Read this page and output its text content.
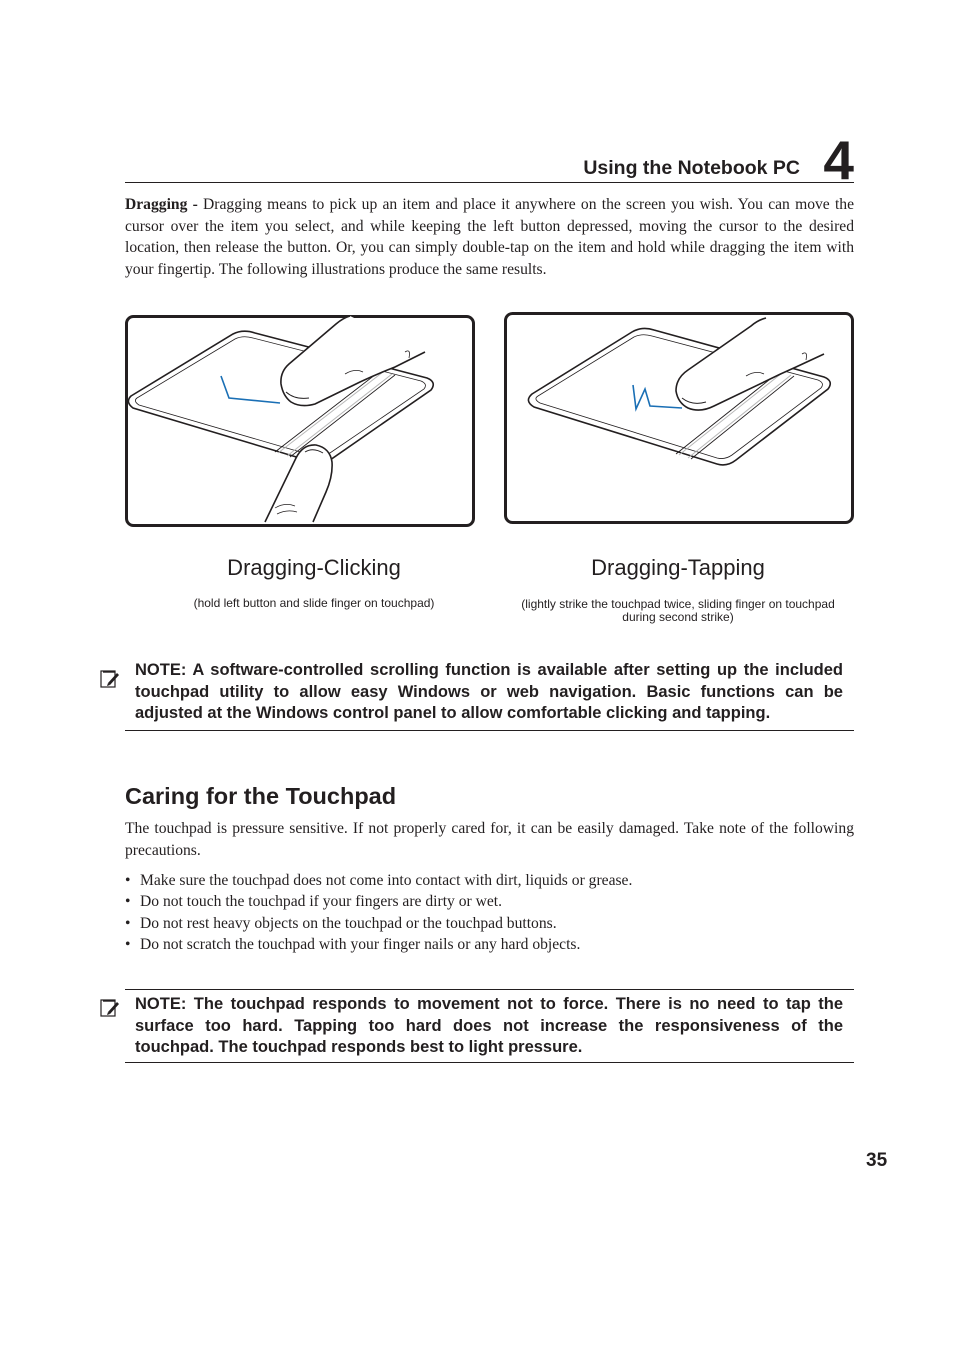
Using the Notebook PC 4

Dragging - Dragging means to pick up an item and place it anywhere on the screen you wish. You can move the cursor over the item you select, and while keeping the left button depressed, moving the cursor to the desired location, then release the button. Or, you can simply double-tap on the item and hold while dragging the item with your fingertip. The following illustrations produce the same results.

Dragging-Clicking
(hold left button and slide finger on touchpad)
Dragging-Tapping
(lightly strike the touchpad twice, sliding finger on touchpad during second strike)
NOTE: A software-controlled scrolling function is available after setting up the included touchpad utility to allow easy Windows or web navigation. Basic functions can be adjusted at the Windows control panel to allow comfortable clicking and tapping.
Caring for the Touchpad

The touchpad is pressure sensitive. If not properly cared for, it can be easily damaged. Take note of the following precautions.

• Make sure the touchpad does not come into contact with dirt, liquids or grease.
• Do not touch the touchpad if your fingers are dirty or wet.
• Do not rest heavy objects on the touchpad or the touchpad buttons.
• Do not scratch the touchpad with your finger nails or any hard objects.
NOTE: The touchpad responds to movement not to force. There is no need to tap the surface too hard. Tapping too hard does not increase the responsiveness of the touchpad. The touchpad responds best to light pressure.
35
